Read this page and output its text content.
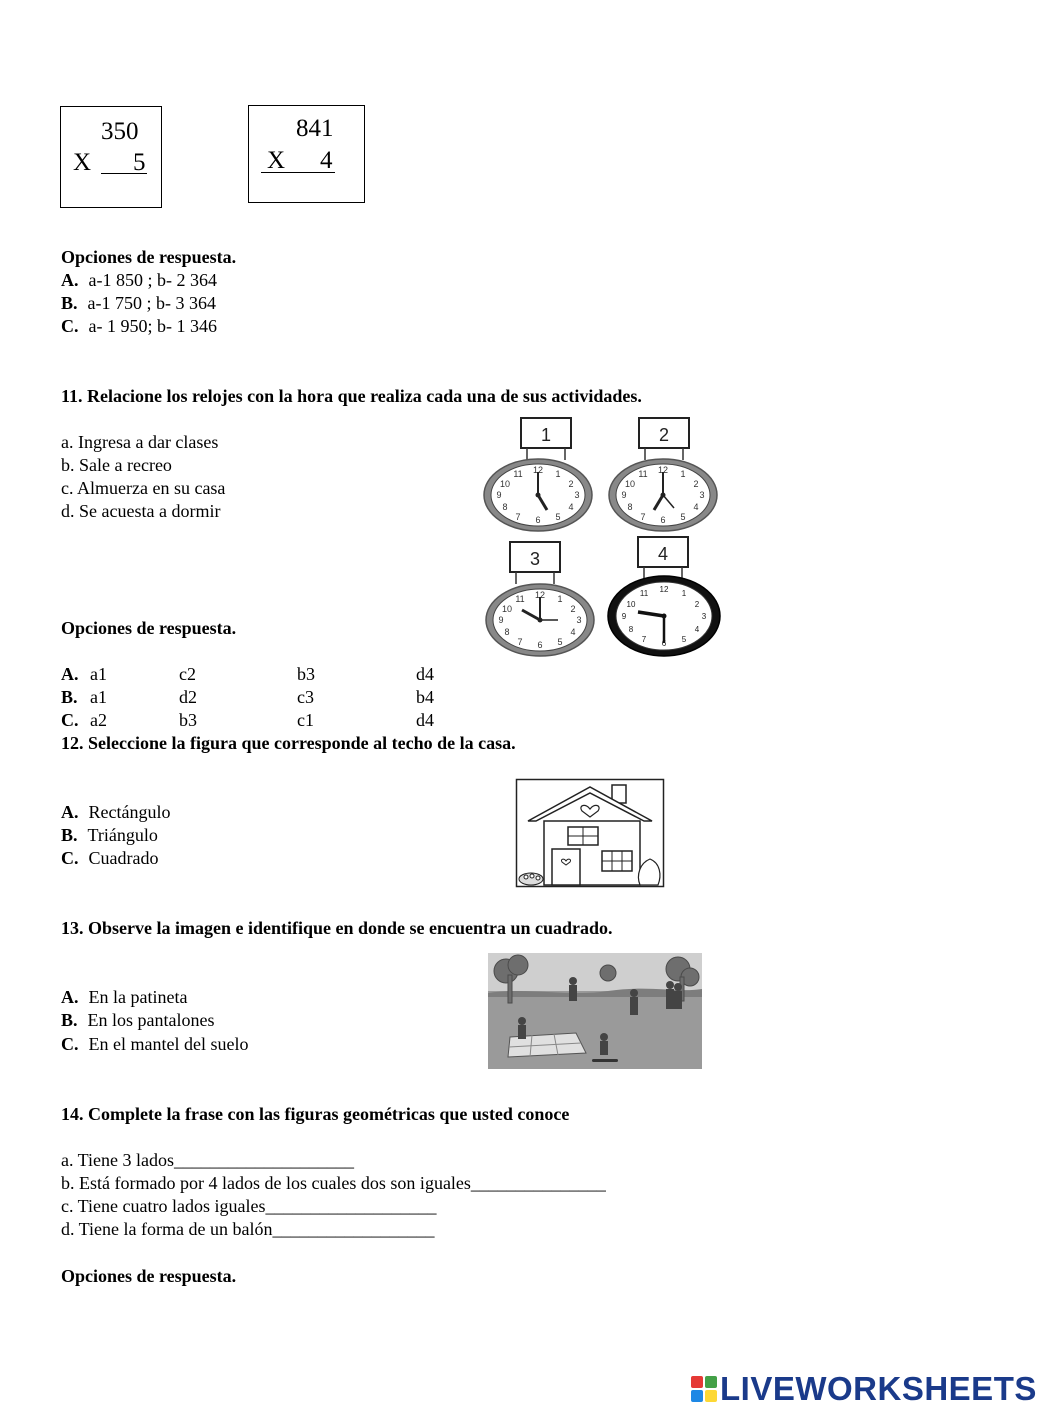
350
X 5
841
X 4
Opciones de respuesta.
A. a-1 850 ; b- 2 364
B. a-1 750 ; b- 3 364
C. a- 1 950; b- 1 346
11. Relacione los relojes con la hora que realiza cada una de sus actividades.
a. Ingresa a dar clases
b. Sale a recreo
c. Almuerza en su casa
d. Se acuesta a dormir
1
12 1
2
3
4
5
6
7
8
9
10
11
2
12 1
2
3
4
5
6
7
8
9
10
11
3
12 1
2
3
4
5
6
7
8
9
10
11
4
12 1
2
3
4
5
6
7
8
9
10
11
Opciones de respuesta.
A. a1	c2	b3	d4
B. a1	d2	c3	b4
C. a2	b3	c1	d4
12. Seleccione la figura que corresponde al techo de la casa.
A. Rectángulo
B. Triángulo
C. Cuadrado
13. Observe la imagen e identifique en donde se encuentra un cuadrado.
A. En la patineta
B. En los pantalones
C. En el mantel del suelo
14. Complete la frase con las figuras geométricas que usted conoce
a. Tiene 3 lados____________________
b. Está formado por 4 lados de los cuales dos son iguales_______________
c. Tiene cuatro lados iguales___________________
d. Tiene la forma de un balón__________________
Opciones de respuesta.
LIVEWORKSHEETS
